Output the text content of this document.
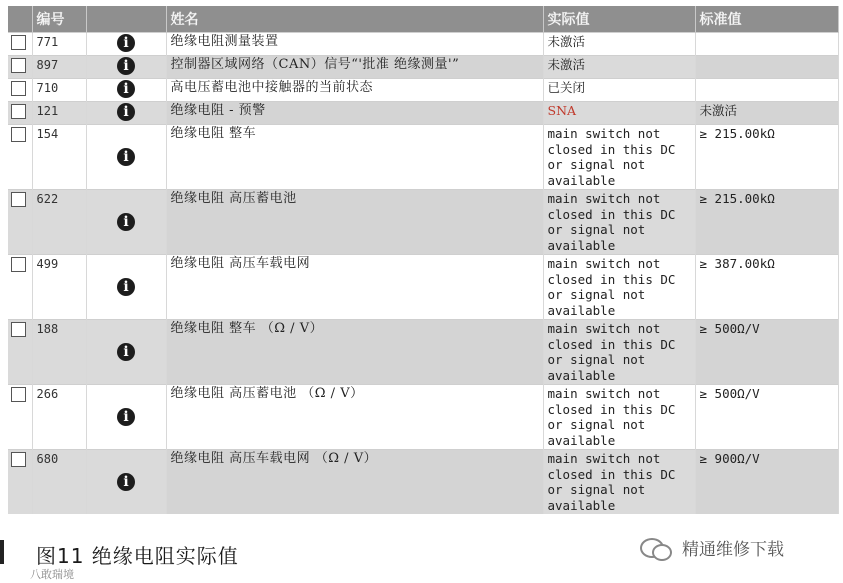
	编号		姓名	实际值	标准值
	771	i	绝缘电阻测量装置	未激活	
	897	i	控制器区域网络（CAN）信号“'批准 绝缘测量'”	未激活	
	710	i	高电压蓄电池中接触器的当前状态	已关闭	
	121	i	绝缘电阻 - 预警	SNA	未激活
	154	i	绝缘电阻 整车	main switch not closed in this DC or signal not available	≥ 215.00kΩ
	622	i	绝缘电阻 高压蓄电池	main switch not closed in this DC or signal not available	≥ 215.00kΩ
	499	i	绝缘电阻 高压车载电网	main switch not closed in this DC or signal not available	≥ 387.00kΩ
	188	i	绝缘电阻 整车 （Ω / V）	main switch not closed in this DC or signal not available	≥ 500Ω/V
	266	i	绝缘电阻 高压蓄电池 （Ω / V）	main switch not closed in this DC or signal not available	≥ 500Ω/V
	680	i	绝缘电阻 高压车载电网 （Ω / V）	main switch not closed in this DC or signal not available	≥ 900Ω/V
图11 绝缘电阻实际值
八敢瑞境
精通维修下载
